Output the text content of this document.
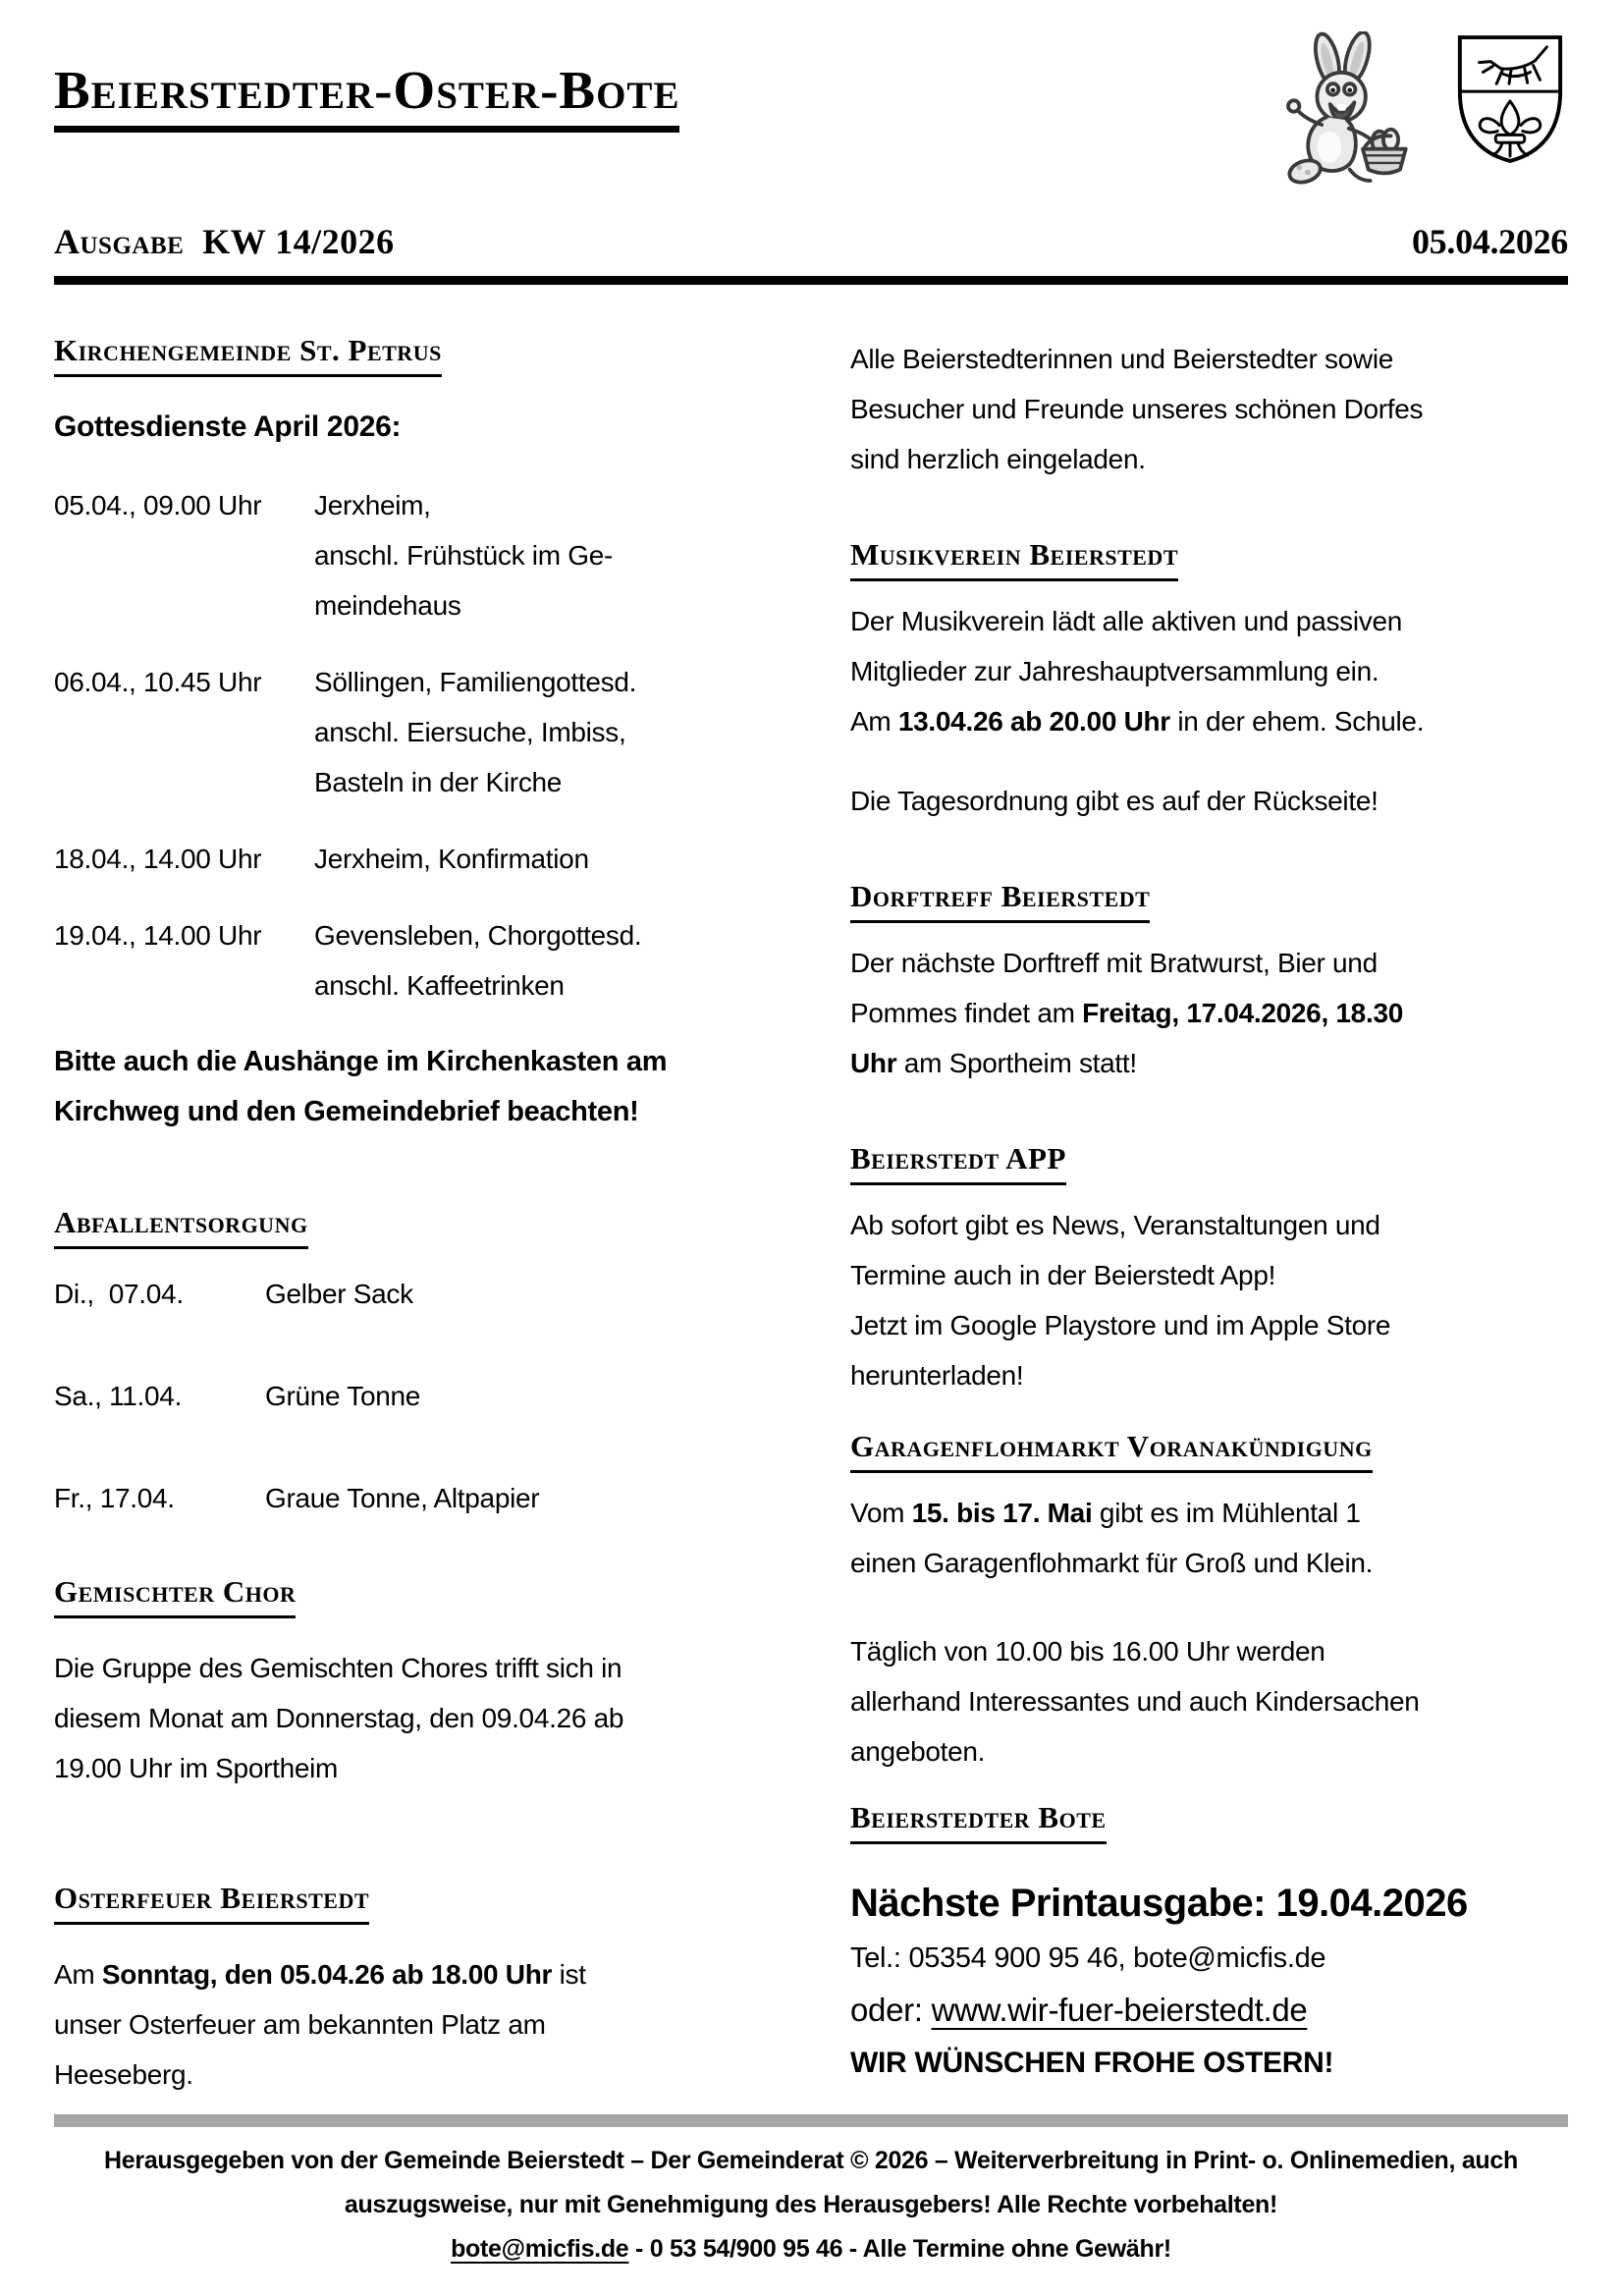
Beierstedter-Oster-Bote
Ausgabe  KW 14/2026	05.04.2026
Kirchengemeinde St. Petrus
Gottesdienste April 2026:
05.04., 09.00 Uhr	Jerxheim,
anschl. Frühstück im Ge-
meindehaus
06.04., 10.45 Uhr	Söllingen, Familiengottesd.
anschl. Eiersuche, Imbiss,
Basteln in der Kirche
18.04., 14.00 Uhr	Jerxheim, Konfirmation
19.04., 14.00 Uhr	Gevensleben, Chorgottesd.
anschl. Kaffeetrinken
Bitte auch die Aushänge im Kirchenkasten am
Kirchweg und den Gemeindebrief beachten!
Abfallentsorgung
Di.,  07.04.	Gelber Sack
Sa., 11.04.	Grüne Tonne
Fr., 17.04.	Graue Tonne, Altpapier
Gemischter Chor
Die Gruppe des Gemischten Chores trifft sich in
diesem Monat am Donnerstag, den 09.04.26 ab
19.00 Uhr im Sportheim
Osterfeuer Beierstedt
Am Sonntag, den 05.04.26 ab 18.00 Uhr ist
unser Osterfeuer am bekannten Platz am
Heeseberg.
Alle Beierstedterinnen und Beierstedter sowie
Besucher und Freunde unseres schönen Dorfes
sind herzlich eingeladen.
Musikverein Beierstedt
Der Musikverein lädt alle aktiven und passiven
Mitglieder zur Jahreshauptversammlung ein.
Am 13.04.26 ab 20.00 Uhr in der ehem. Schule.
Die Tagesordnung gibt es auf der Rückseite!
Dorftreff Beierstedt
Der nächste Dorftreff mit Bratwurst, Bier und
Pommes findet am Freitag, 17.04.2026, 18.30
Uhr am Sportheim statt!
Beierstedt APP
Ab sofort gibt es News, Veranstaltungen und
Termine auch in der Beierstedt App!
Jetzt im Google Playstore und im Apple Store
herunterladen!
Garagenflohmarkt Voranakündigung
Vom 15. bis 17. Mai gibt es im Mühlental 1
einen Garagenflohmarkt für Groß und Klein.
Täglich von 10.00 bis 16.00 Uhr werden
allerhand Interessantes und auch Kindersachen
angeboten.
Beierstedter Bote
Nächste Printausgabe: 19.04.2026
Tel.: 05354 900 95 46, bote@micfis.de
oder: www.wir-fuer-beierstedt.de
WIR WÜNSCHEN FROHE OSTERN!
Herausgegeben von der Gemeinde Beierstedt – Der Gemeinderat © 2026 – Weiterverbreitung in Print- o. Onlinemedien, auch
auszugsweise, nur mit Genehmigung des Herausgebers! Alle Rechte vorbehalten!
bote@micfis.de - 0 53 54/900 95 46 - Alle Termine ohne Gewähr!
